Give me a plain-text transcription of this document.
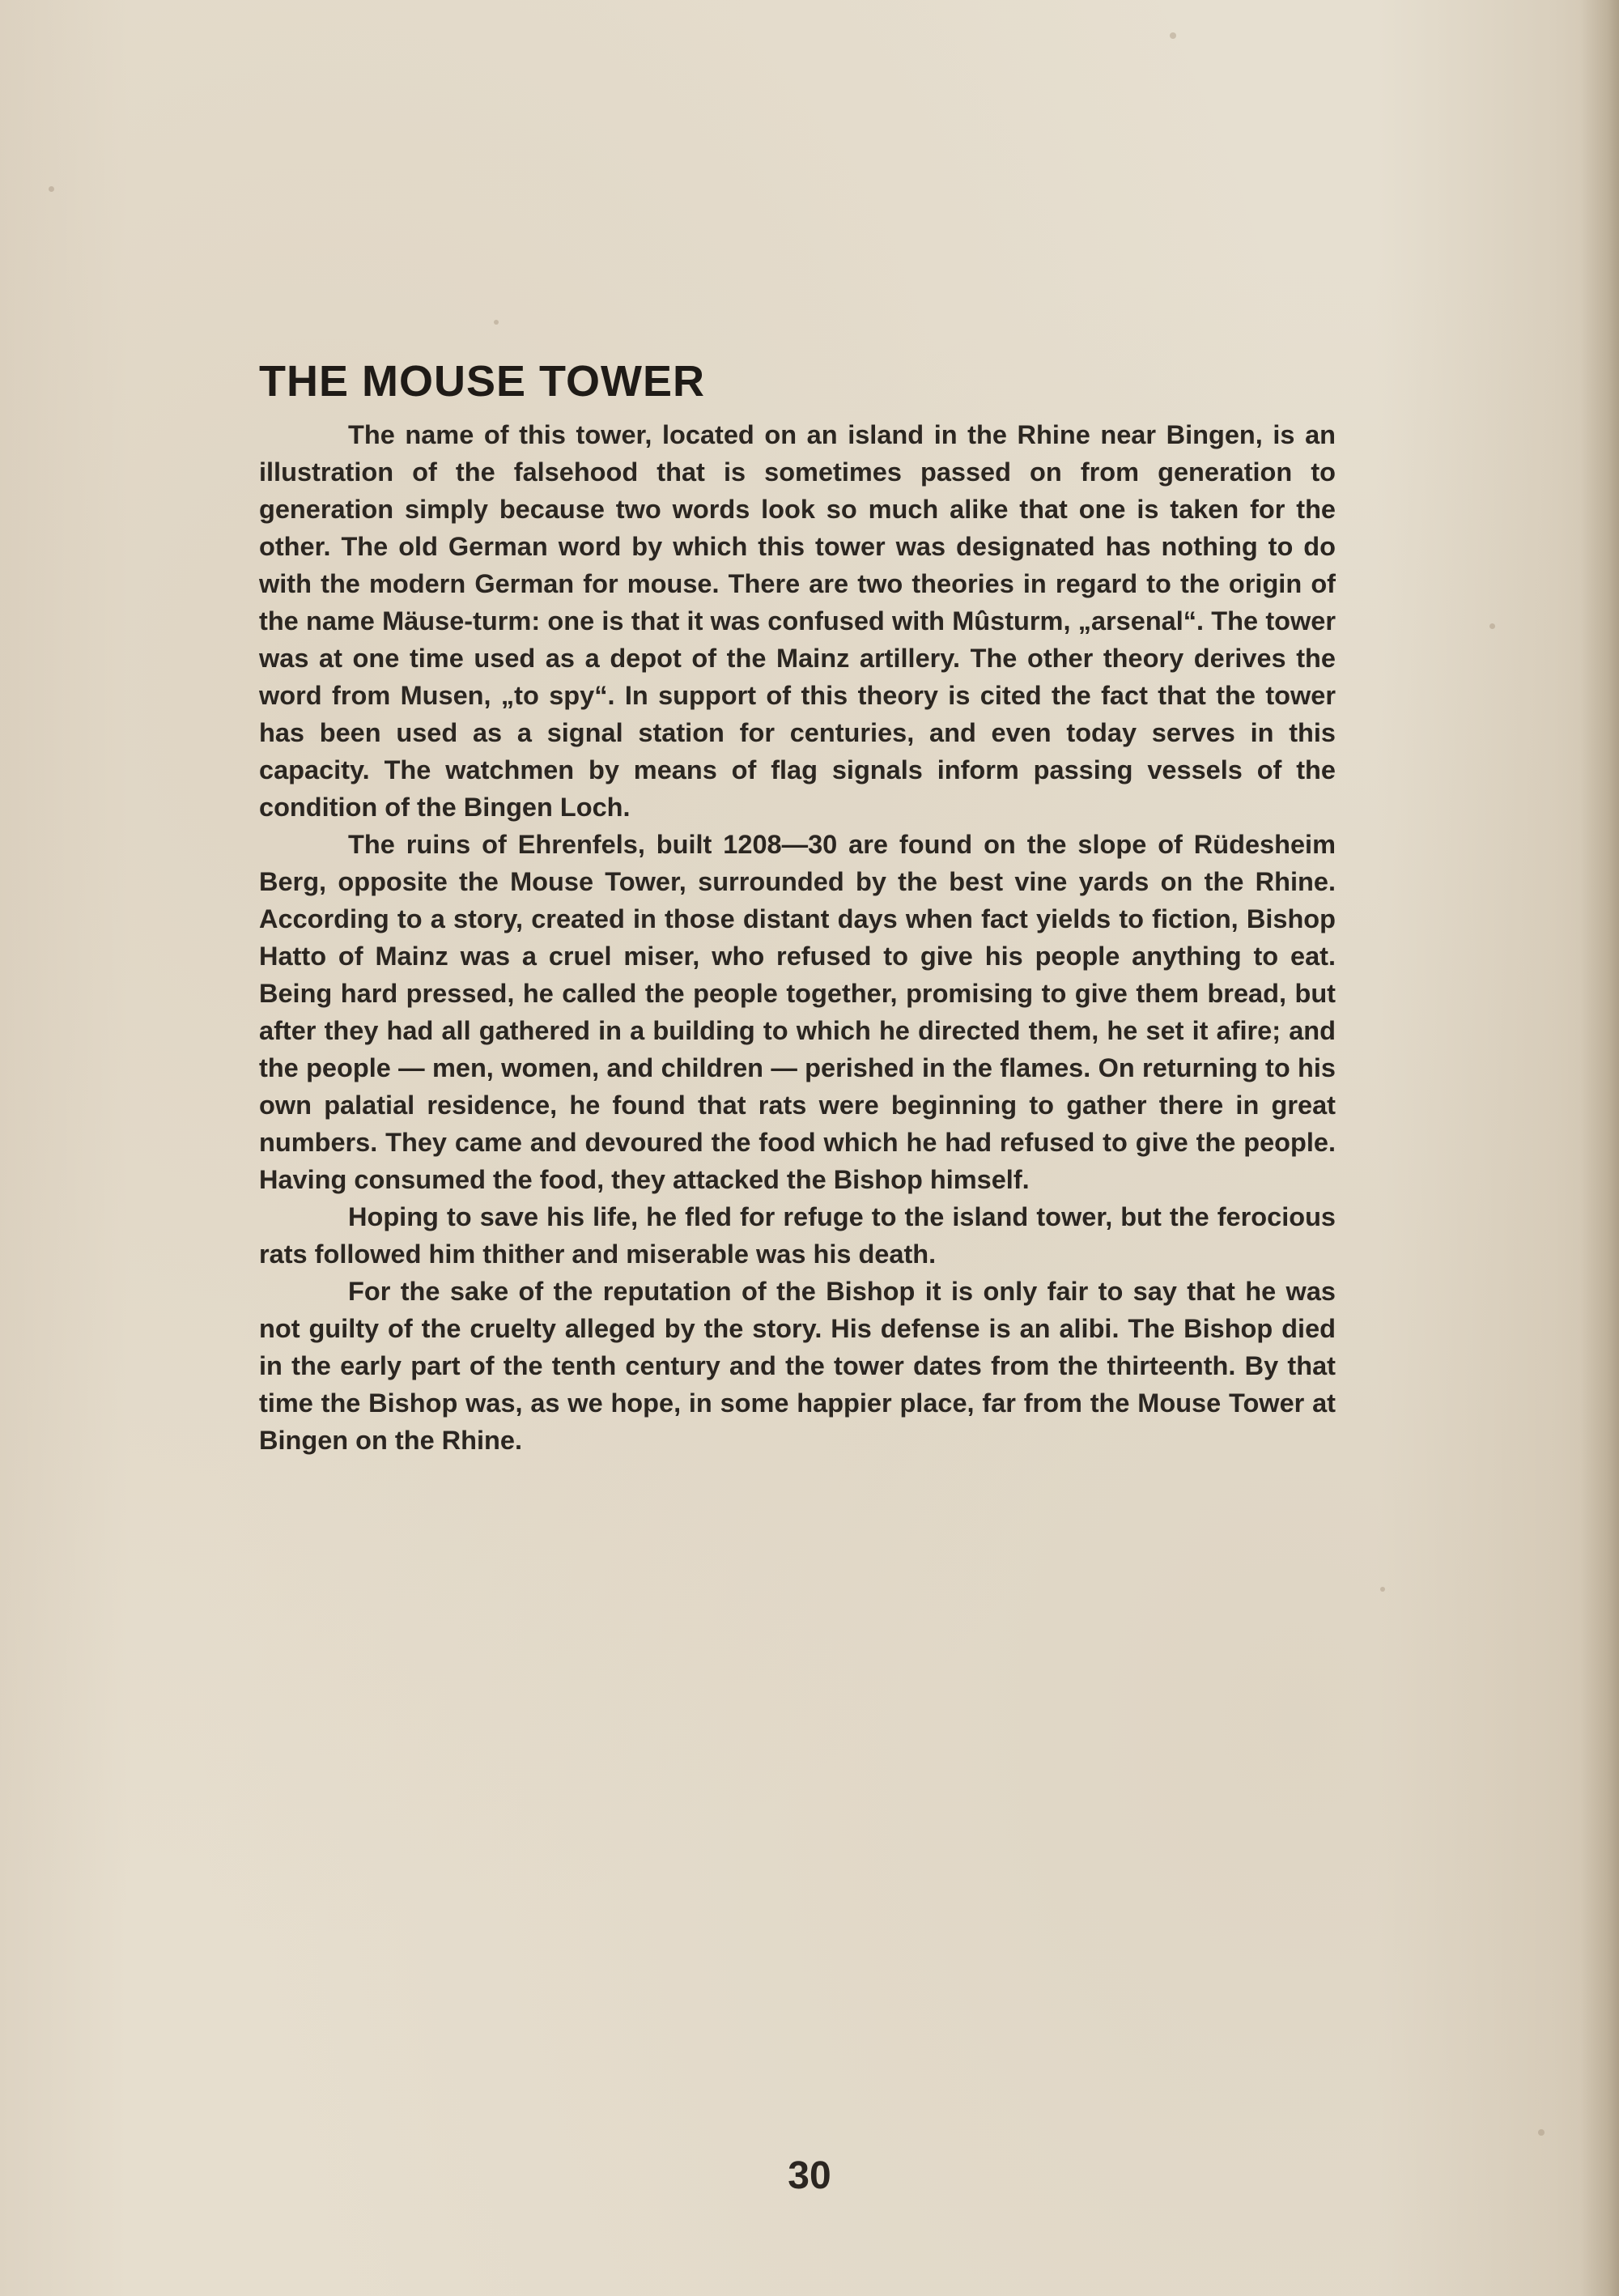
THE MOUSE TOWER

The name of this tower, located on an island in the Rhine near Bingen, is an illustration of the falsehood that is sometimes passed on from generation to generation simply because two words look so much alike that one is taken for the other. The old German word by which this tower was designated has nothing to do with the modern German for mouse. There are two theories in regard to the origin of the name Mäuse-turm: one is that it was confused with Mûsturm, „arsenal“. The tower was at one time used as a depot of the Mainz artillery. The other theory derives the word from Musen, „to spy“. In support of this theory is cited the fact that the tower has been used as a signal station for centuries, and even today serves in this capacity. The watchmen by means of flag signals inform passing vessels of the condition of the Bingen Loch.

The ruins of Ehrenfels, built 1208—30 are found on the slope of Rüdesheim Berg, opposite the Mouse Tower, surrounded by the best vine yards on the Rhine. According to a story, created in those distant days when fact yields to fiction, Bishop Hatto of Mainz was a cruel miser, who refused to give his people anything to eat. Being hard pressed, he called the people together, promising to give them bread, but after they had all gathered in a building to which he directed them, he set it afire; and the people — men, women, and children — perished in the flames. On returning to his own palatial residence, he found that rats were beginning to gather there in great numbers. They came and devoured the food which he had refused to give the people. Having consumed the food, they attacked the Bishop himself.

Hoping to save his life, he fled for refuge to the island tower, but the ferocious rats followed him thither and miserable was his death.

For the sake of the reputation of the Bishop it is only fair to say that he was not guilty of the cruelty alleged by the story. His defense is an alibi. The Bishop died in the early part of the tenth century and the tower dates from the thirteenth. By that time the Bishop was, as we hope, in some happier place, far from the Mouse Tower at Bingen on the Rhine.

30
